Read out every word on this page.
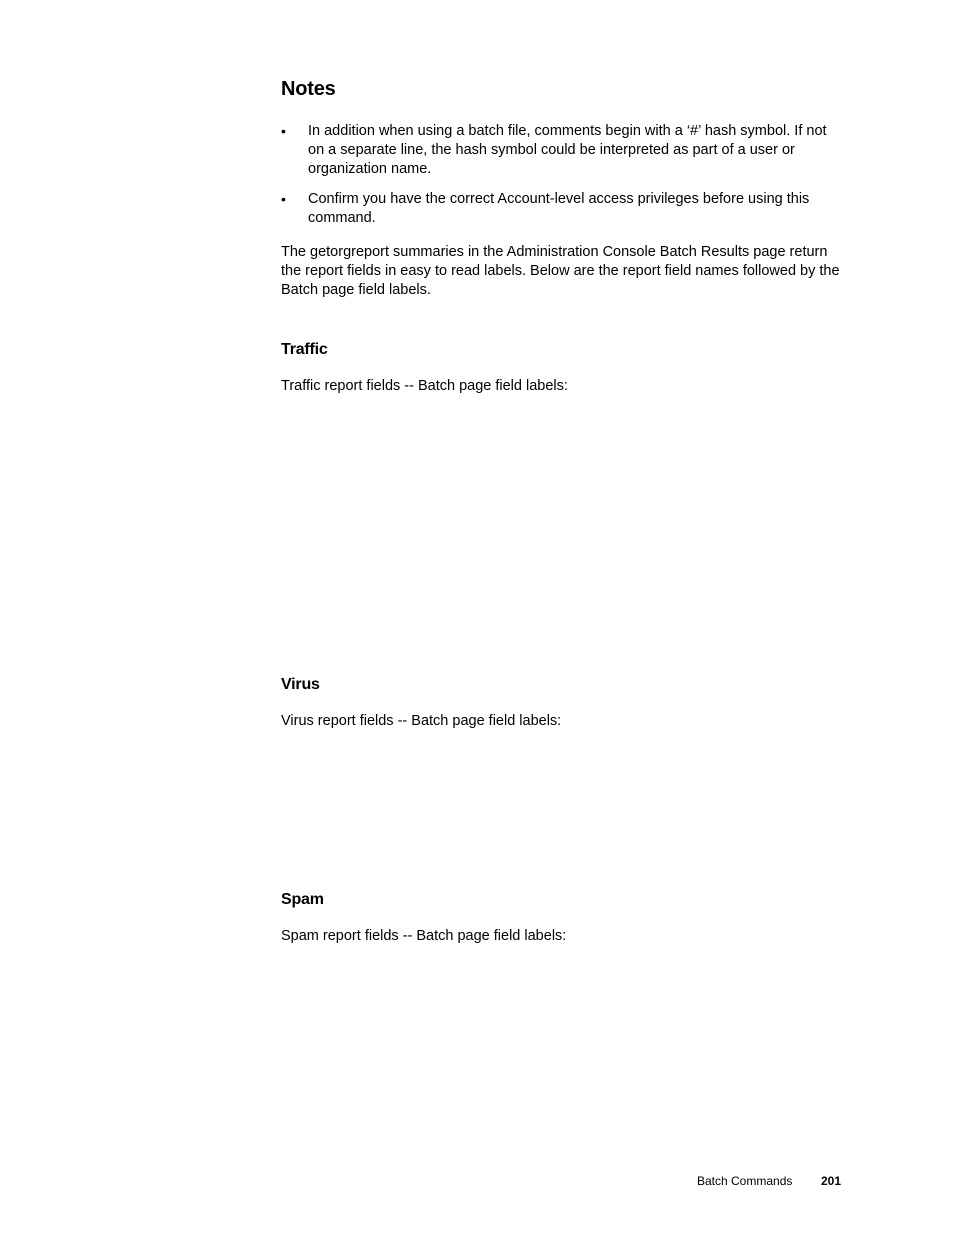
Notes
• In addition when using a batch file, comments begin with a ‘#’ hash symbol. If not on a separate line, the hash symbol could be interpreted as part of a user or organization name.
• Confirm you have the correct Account-level access privileges before using this command.

The getorgreport summaries in the Administration Console Batch Results page return the report fields in easy to read labels. Below are the report field names followed by the Batch page field labels.

Traffic

Traffic report fields -- Batch page field labels:

Virus

Virus report fields -- Batch page field labels:

Spam

Spam report fields -- Batch page field labels:

Batch Commands 201
